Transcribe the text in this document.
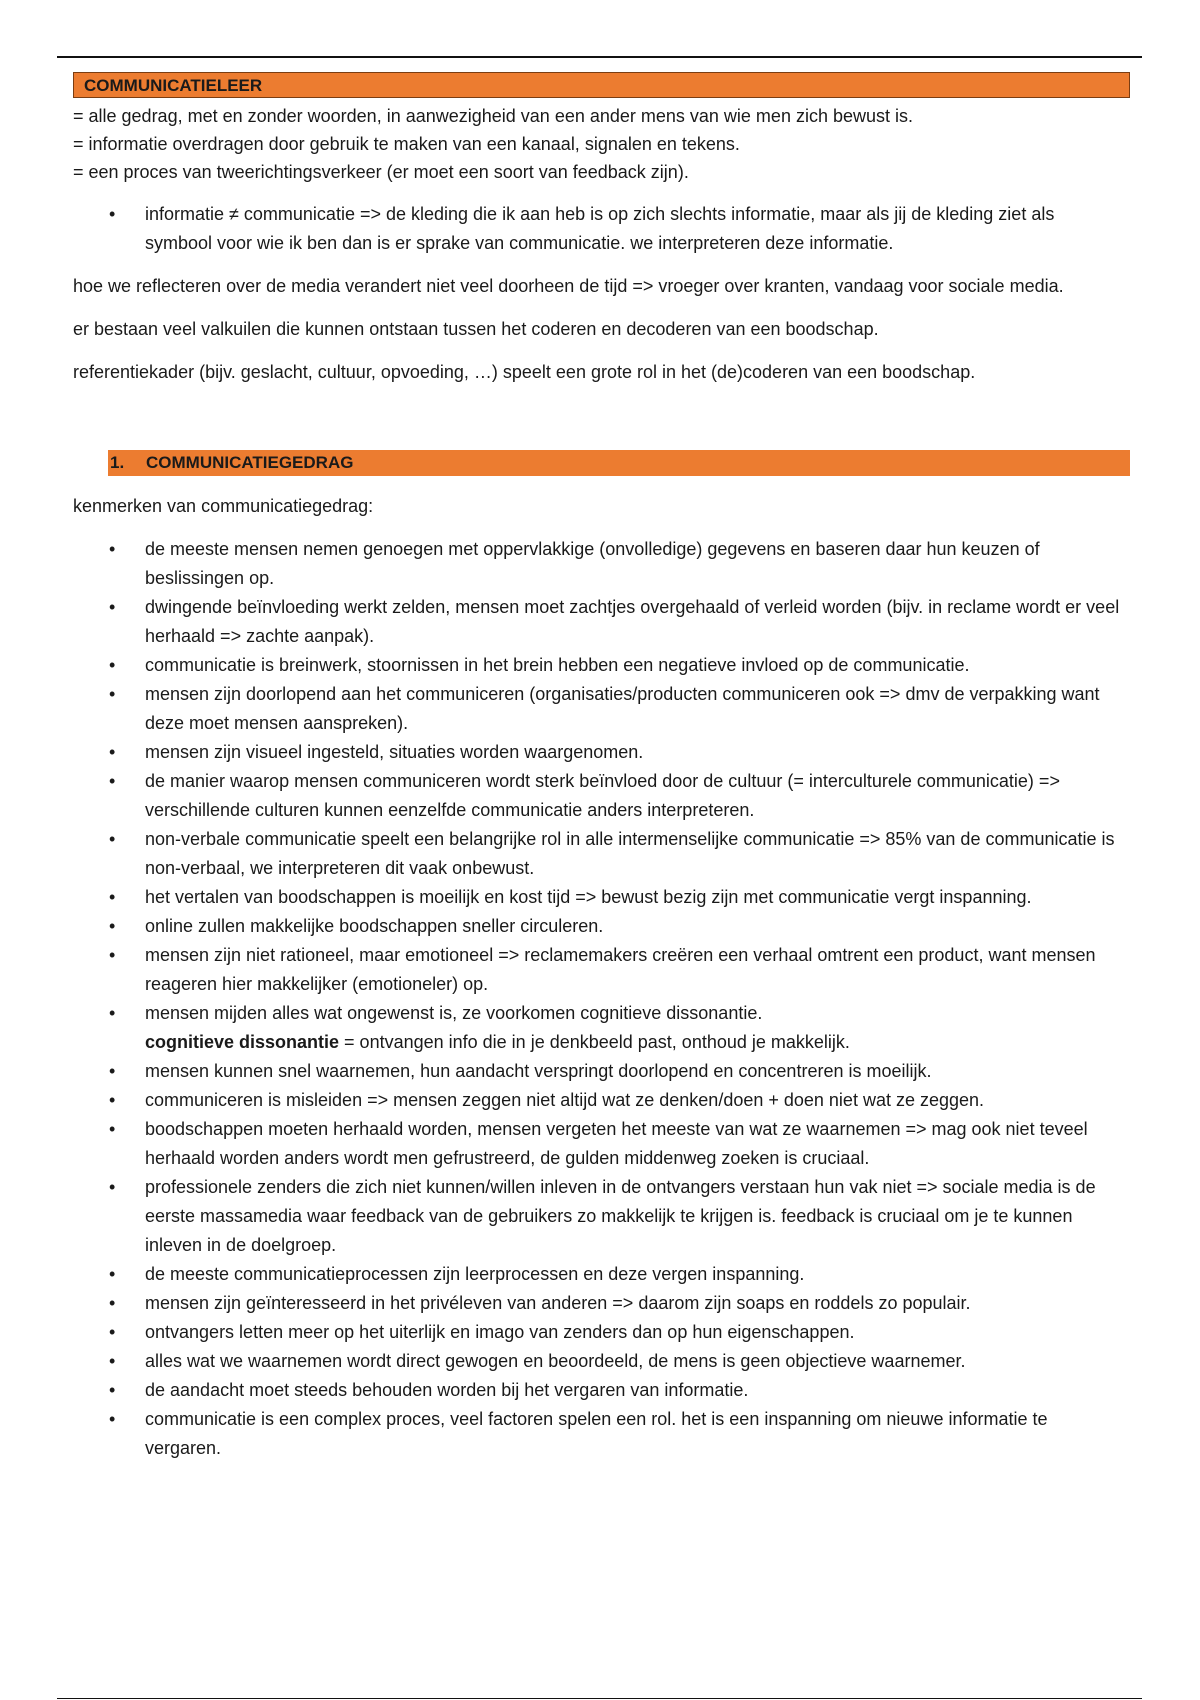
COMMUNICATIELEER
= alle gedrag, met en zonder woorden, in aanwezigheid van een ander mens van wie men zich bewust is.
= informatie overdragen door gebruik te maken van een kanaal, signalen en tekens.
= een proces van tweerichtingsverkeer (er moet een soort van feedback zijn).
• informatie ≠ communicatie => de kleding die ik aan heb is op zich slechts informatie, maar als jij de kleding ziet als symbool voor wie ik ben dan is er sprake van communicatie. we interpreteren deze informatie.

hoe we reflecteren over de media verandert niet veel doorheen de tijd => vroeger over kranten, vandaag voor sociale media.

er bestaan veel valkuilen die kunnen ontstaan tussen het coderen en decoderen van een boodschap.

referentiekader (bijv. geslacht, cultuur, opvoeding, …) speelt een grote rol in het (de)coderen van een boodschap.

1. COMMUNICATIEGEDRAG

kenmerken van communicatiegedrag:

• de meeste mensen nemen genoegen met oppervlakkige (onvolledige) gegevens en baseren daar hun keuzen of beslissingen op.
• dwingende beïnvloeding werkt zelden, mensen moet zachtjes overgehaald of verleid worden (bijv. in reclame wordt er veel herhaald => zachte aanpak).
• communicatie is breinwerk, stoornissen in het brein hebben een negatieve invloed op de communicatie.
• mensen zijn doorlopend aan het communiceren (organisaties/producten communiceren ook => dmv de verpakking want deze moet mensen aanspreken).
• mensen zijn visueel ingesteld, situaties worden waargenomen.
• de manier waarop mensen communiceren wordt sterk beïnvloed door de cultuur (= interculturele communicatie) => verschillende culturen kunnen eenzelfde communicatie anders interpreteren.
• non-verbale communicatie speelt een belangrijke rol in alle intermenselijke communicatie => 85% van de communicatie is non-verbaal, we interpreteren dit vaak onbewust.
• het vertalen van boodschappen is moeilijk en kost tijd => bewust bezig zijn met communicatie vergt inspanning.
• online zullen makkelijke boodschappen sneller circuleren.
• mensen zijn niet rationeel, maar emotioneel => reclamemakers creëren een verhaal omtrent een product, want mensen reageren hier makkelijker (emotioneler) op.
• mensen mijden alles wat ongewenst is, ze voorkomen cognitieve dissonantie.
cognitieve dissonantie = ontvangen info die in je denkbeeld past, onthoud je makkelijk.
• mensen kunnen snel waarnemen, hun aandacht verspringt doorlopend en concentreren is moeilijk.
• communiceren is misleiden => mensen zeggen niet altijd wat ze denken/doen + doen niet wat ze zeggen.
• boodschappen moeten herhaald worden, mensen vergeten het meeste van wat ze waarnemen => mag ook niet teveel herhaald worden anders wordt men gefrustreerd, de gulden middenweg zoeken is cruciaal.
• professionele zenders die zich niet kunnen/willen inleven in de ontvangers verstaan hun vak niet => sociale media is de eerste massamedia waar feedback van de gebruikers zo makkelijk te krijgen is. feedback is cruciaal om je te kunnen inleven in de doelgroep.
• de meeste communicatieprocessen zijn leerprocessen en deze vergen inspanning.
• mensen zijn geïnteresseerd in het privéleven van anderen => daarom zijn soaps en roddels zo populair.
• ontvangers letten meer op het uiterlijk en imago van zenders dan op hun eigenschappen.
• alles wat we waarnemen wordt direct gewogen en beoordeeld, de mens is geen objectieve waarnemer.
• de aandacht moet steeds behouden worden bij het vergaren van informatie.
• communicatie is een complex proces, veel factoren spelen een rol. het is een inspanning om nieuwe informatie te vergaren.
